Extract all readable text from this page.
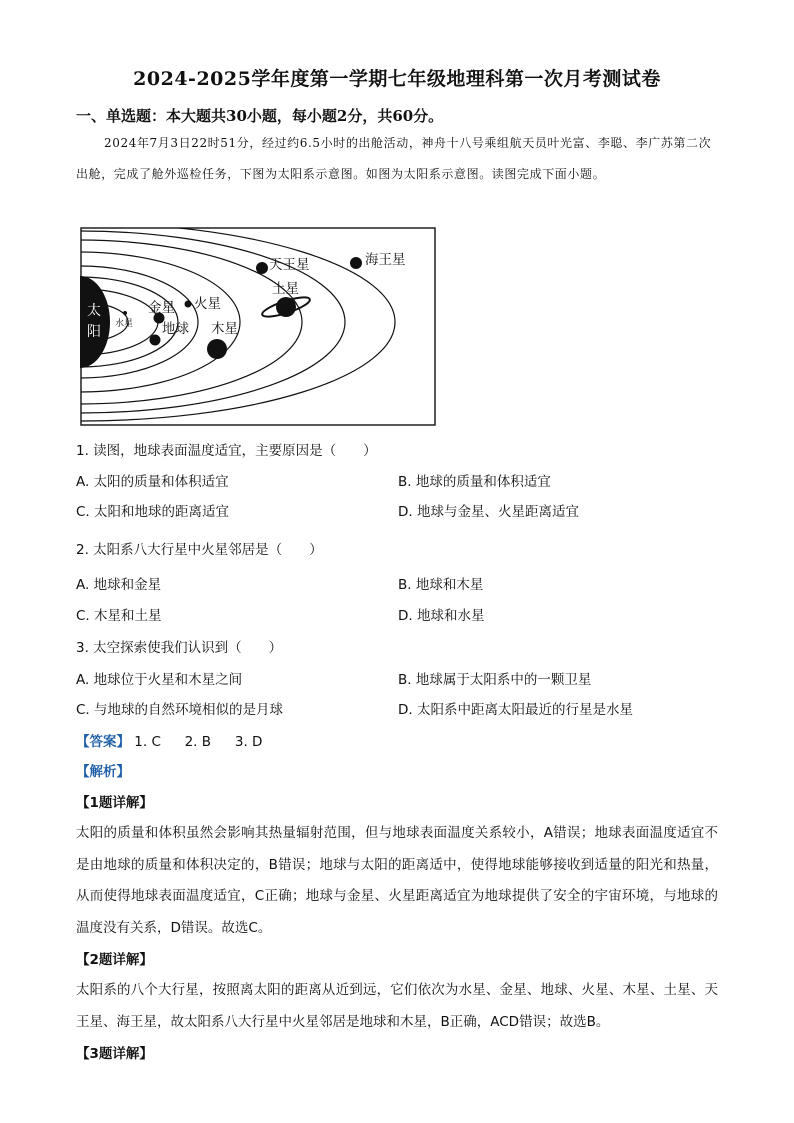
2024-2025学年度第一学期七年级地理科第一次月考测试卷
一、单选题：本大题共30小题，每小题2分，共60分。
2024年7月3日22时51分，经过约6.5小时的出舱活动，神舟十八号乘组航天员叶光富、李聪、李广苏第二次出舱，完成了舱外巡检任务，下图为太阳系示意图。如图为太阳系示意图。读图完成下面小题。
太
阳 水星
金星
地球
火星
木星
土星
天王星	海王星
1. 读图，地球表面温度适宜，主要原因是（　　）
A. 太阳的质量和体积适宜	B. 地球的质量和体积适宜
C. 太阳和地球的距离适宜	D. 地球与金星、火星距离适宜
2. 太阳系八大行星中火星邻居是（　　）
A. 地球和金星	B. 地球和木星
C. 木星和土星	D. 地球和水星
3. 太空探索使我们认识到（　　）
A. 地球位于火星和木星之间	B. 地球属于太阳系中的一颗卫星
C. 与地球的自然环境相似的是月球	D. 太阳系中距离太阳最近的行星是水星
【答案】 1. C 2. B 3. D
【解析】
【1题详解】
太阳的质量和体积虽然会影响其热量辐射范围，但与地球表面温度关系较小，A错误；地球表面温度适宜不是由地球的质量和体积决定的，B错误；地球与太阳的距离适中，使得地球能够接收到适量的阳光和热量，从而使得地球表面温度适宜，C正确；地球与金星、火星距离适宜为地球提供了安全的宇宙环境，与地球的温度没有关系，D错误。故选C。
【2题详解】
太阳系的八个大行星，按照离太阳的距离从近到远，它们依次为水星、金星、地球、火星、木星、土星、天王星、海王星，故太阳系八大行星中火星邻居是地球和木星，B正确，ACD错误；故选B。
【3题详解】
